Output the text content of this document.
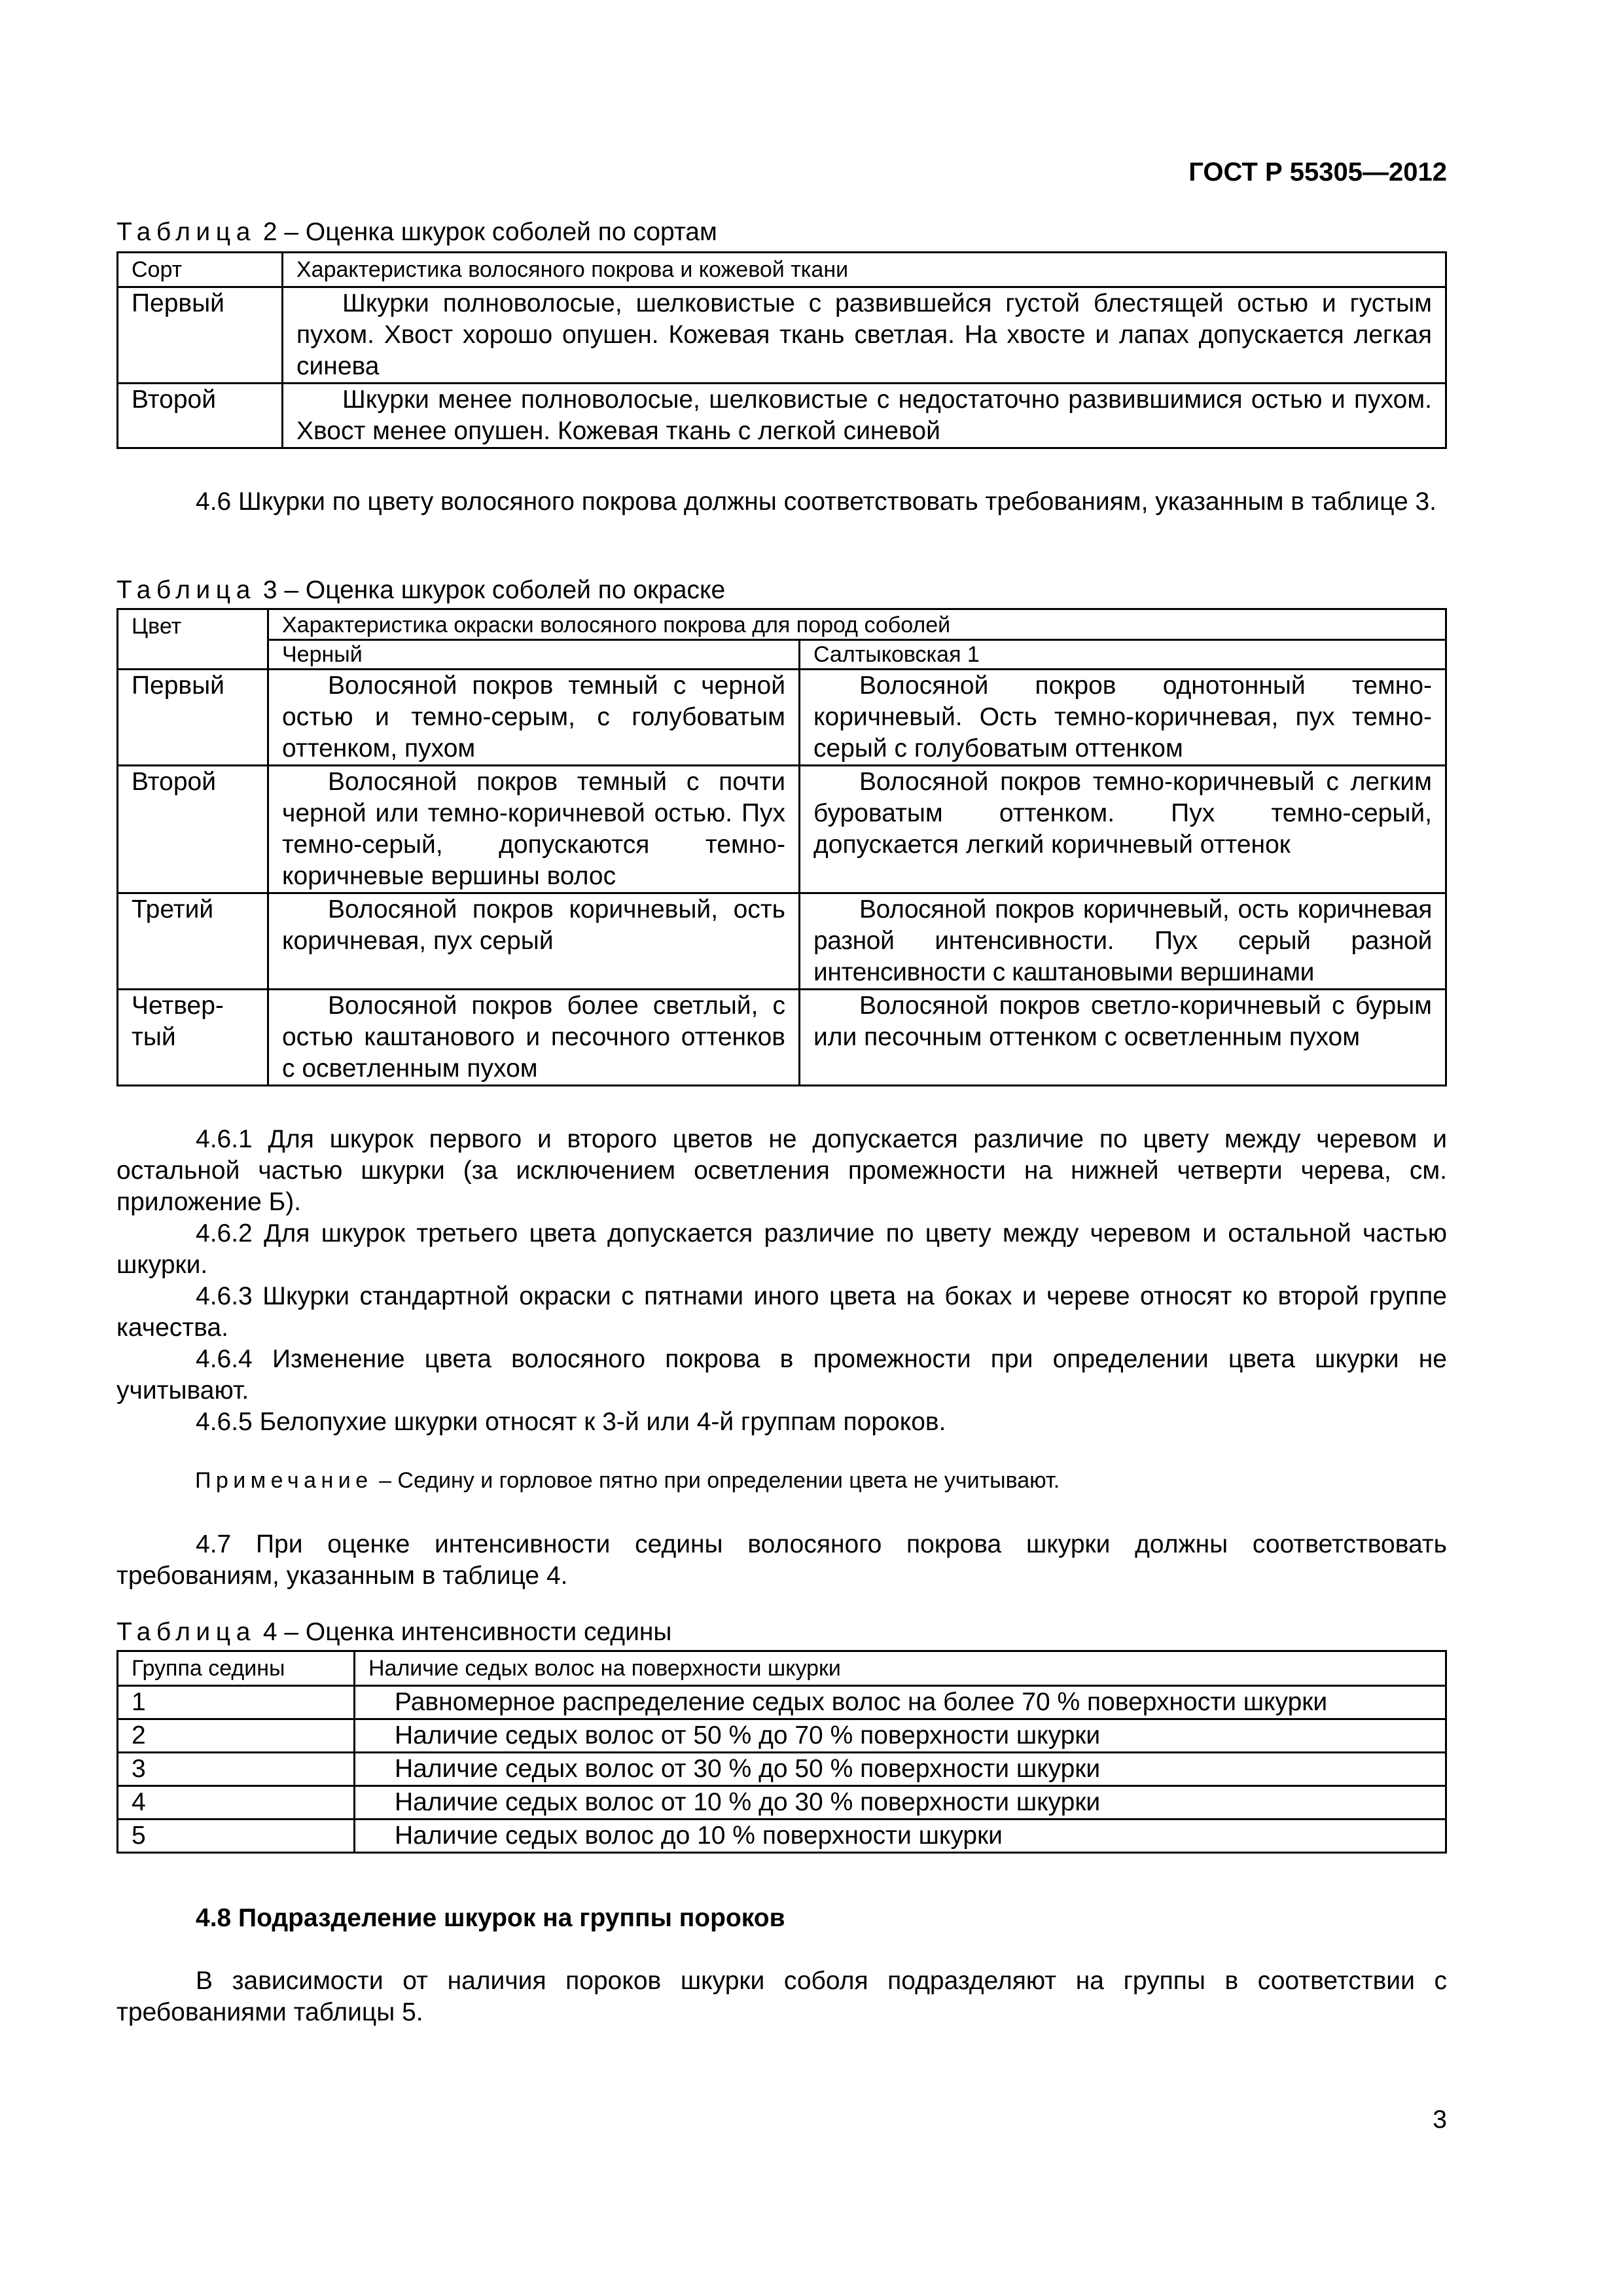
ГОСТ Р 55305—2012
Таблица 2 – Оценка шкурок соболей по сортам
Сорт	Характеристика волосяного покрова и кожевой ткани
Первый	Шкурки полноволосые, шелковистые с развившейся густой блестящей остью и густым пухом. Хвост хорошо опушен. Кожевая ткань светлая. На хвосте и лапах допускается легкая синева
Второй	Шкурки менее полноволосые, шелковистые с недостаточно развившимися остью и пухом. Хвост менее опушен. Кожевая ткань с легкой синевой
4.6 Шкурки по цвету волосяного покрова должны соответствовать требованиям, указанным в таблице 3.
Таблица 3 – Оценка шкурок соболей по окраске
Цвет	Характеристика окраски волосяного покрова для пород соболей	
	Черный	Салтыковская 1
Первый	Волосяной покров темный с черной остью и темно-серым, с голубоватым оттенком, пухом	Волосяной покров однотонный темно-коричневый. Ость темно-коричневая, пух темно-серый с голубоватым оттенком
Второй	Волосяной покров темный с почти черной или темно-коричневой остью. Пух темно-серый, допускаются темно-коричневые вершины волос	Волосяной покров темно-коричневый с легким буроватым оттенком. Пух темно-серый, допускается легкий коричневый оттенок
Третий	Волосяной покров коричневый, ость коричневая, пух серый	Волосяной покров коричневый, ость коричневая разной интенсивности. Пух серый разной интенсивности с каштановыми вершинами
Четвер-тый	Волосяной покров более светлый, с остью каштанового и песочного оттенков с осветленным пухом	Волосяной покров светло-коричневый с бурым или песочным оттенком с осветленным пухом
4.6.1 Для шкурок первого и второго цветов не допускается различие по цвету между черевом и остальной частью шкурки (за исключением осветления промежности на нижней четверти черева, см. приложение Б).
4.6.2 Для шкурок третьего цвета допускается различие по цвету между черевом и остальной частью шкурки.
4.6.3 Шкурки стандартной окраски с пятнами иного цвета на боках и череве относят ко второй группе качества.
4.6.4 Изменение цвета волосяного покрова в промежности при определении цвета шкурки не учитывают.
4.6.5 Белопухие шкурки относят к 3-й или 4-й группам пороков.
Примечание – Седину и горловое пятно при определении цвета не учитывают.
4.7 При оценке интенсивности седины волосяного покрова шкурки должны соответствовать требованиям, указанным в таблице 4.
Таблица 4 – Оценка интенсивности седины
Группа седины	Наличие седых волос на поверхности шкурки
1	Равномерное распределение седых волос на более 70 % поверхности шкурки
2	Наличие седых волос от 50 % до 70 % поверхности шкурки
3	Наличие седых волос от 30 % до 50 % поверхности шкурки
4	Наличие седых волос от 10 % до 30 % поверхности шкурки
5	Наличие седых волос до 10 % поверхности шкурки
4.8 Подразделение шкурок на группы пороков
В зависимости от наличия пороков шкурки соболя подразделяют на группы в соответствии с требованиями таблицы 5.
3
